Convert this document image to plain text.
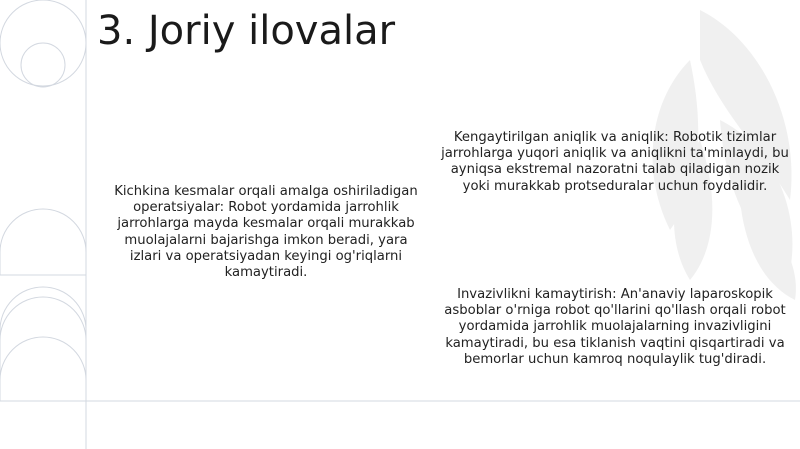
3. Joriy ilovalar

Kichkina kesmalar orqali amalga oshiriladigan operatsiyalar: Robot yordamida jarrohlik jarrohlarga mayda kesmalar orqali murakkab muolajalarni bajarishga imkon beradi, yara izlari va operatsiyadan keyingi og'riqlarni kamaytiradi.

Kengaytirilgan aniqlik va aniqlik: Robotik tizimlar jarrohlarga yuqori aniqlik va aniqlikni ta'minlaydi, bu ayniqsa ekstremal nazoratni talab qiladigan nozik yoki murakkab protseduralar uchun foydalidir.

Invazivlikni kamaytirish: An'anaviy laparoskopik asboblar o'rniga robot qo'llarini qo'llash orqali robot yordamida jarrohlik muolajalarning invazivligini kamaytiradi, bu esa tiklanish vaqtini qisqartiradi va bemorlar uchun kamroq noqulaylik tug'diradi.
